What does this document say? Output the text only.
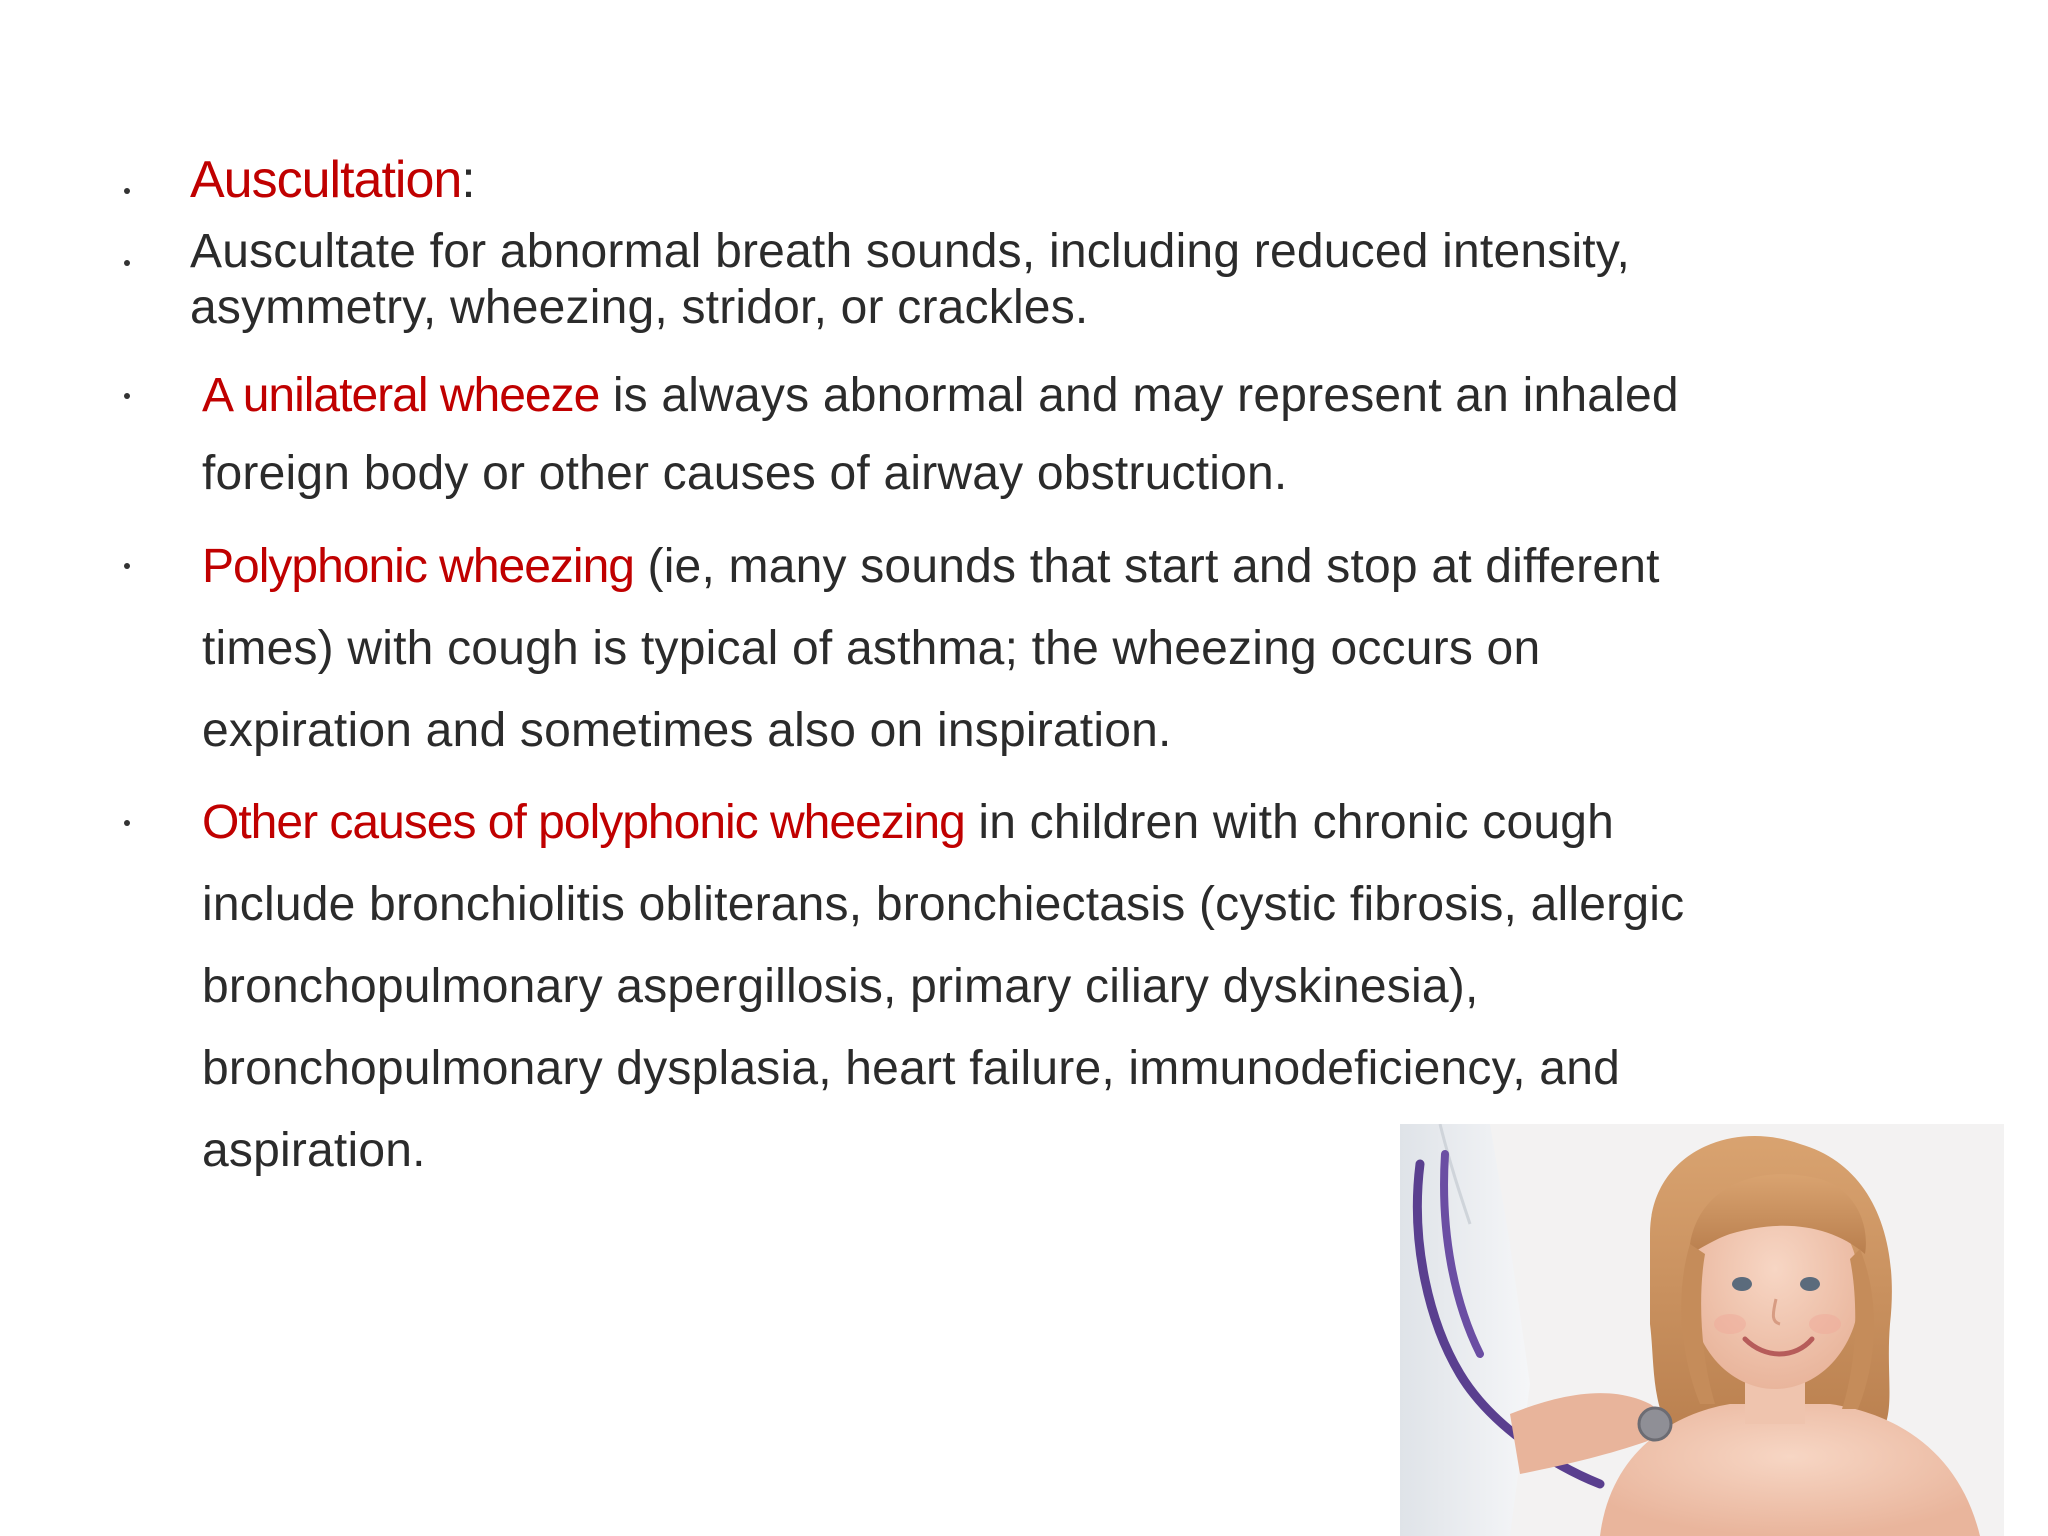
Auscultation:
Auscultate for abnormal breath sounds, including reduced intensity,
asymmetry, wheezing, stridor, or crackles.
A unilateral wheeze is always abnormal and may represent an inhaled
foreign body or other causes of airway obstruction.
Polyphonic wheezing (ie, many sounds that start and stop at different
times) with cough is typical of asthma; the wheezing occurs on
expiration and sometimes also on inspiration.
Other causes of polyphonic wheezing in children with chronic cough
include bronchiolitis obliterans, bronchiectasis (cystic fibrosis, allergic
bronchopulmonary aspergillosis, primary ciliary dyskinesia),
bronchopulmonary dysplasia, heart failure, immunodeficiency, and
aspiration.
